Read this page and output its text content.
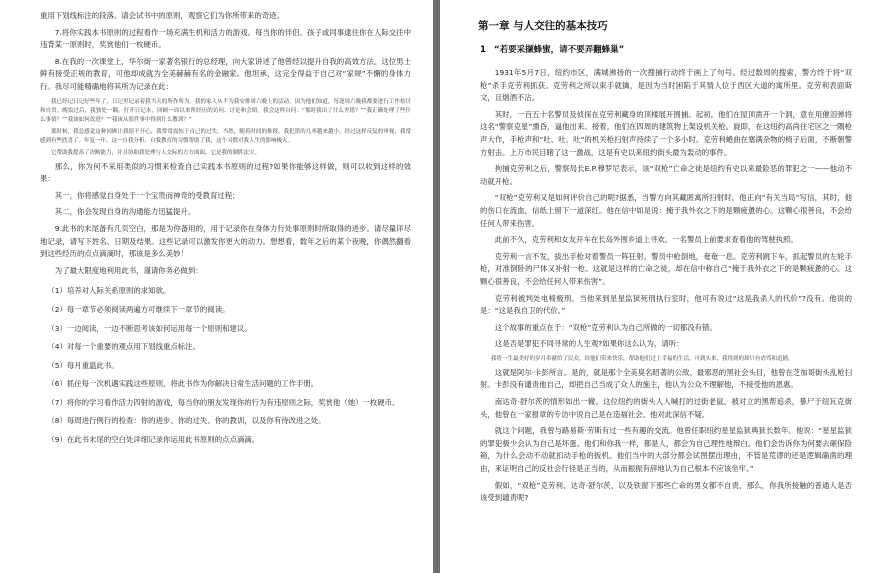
重用下划线标注的段落。请会试书中的原则，观察它们为你所带来的奇迹。

7.将你实践本书原则的过程看作一场充满生机和活力的游戏。每当你的伴侣、孩子或同事逮住你在人际交往中违背某一原则时，奖赏他们一枚硬币。

8.在我的一次课堂上，华尔街一家著名银行的总经理，向大家讲述了他曾经以提升自我的高效方法。这位男士鲜有接受正规的教育，可他却成就为全美赫赫有名的金融家。他坦承，这完全得益于自己对“家规”不懈的身体力行。我尽可能精确地将其所为记录在此：

我已经记日记好些年了，日记里记录着我当天的所作所为。我的家人从不为我安排周六晚上的活动，因为他们知道，每逢周六晚我都要进行工作检讨和自省。晚饭过后，我独处一隅，打开日记本，回顾一周以来所经历的访问、讨论和会晤。我会这样自问：“那时我出了什么差错？”“我正确处理了些什么事情？”“我该如何改进？”“我该从那件事中得到什么教训？”

那时候，我总感觉这种回顾让我很不开心，我常常震惊于自己的过失。当然，随着时间的推移，我犯错的几率越来越小，经过这样反复的审视，我常感到有些欣喜了。年复一年，这一自我分析、自我教育的习惯帮助了我，这个习惯对我人生的影响极大。

它帮助我提高了决断能力，并且协助我处理与人交际的方方面面，它是我的制胜法宝。

那么，你为何不采用类似的习惯来检查自己实践本书原则的过程?如果你能够这样做，则可以收到这样的效果：

其一，你将感觉自身处于一个宝贵而神奇的受教育过程；

其二，你会发现自身的沟通能力迅猛提升。

9.此书的末尾备有几页空白，那是为你备用的，用于记录你在身体力行处事原则时所取得的进步。请尽量详尽地记录，请写下姓名、日期及结果。这些记录可以激发你更大的动力。想想看，数年之后的某个夜晚，你偶然翻看到这些经历的点点滴滴时，那该是多么美妙！

为了最大限度地利用此书，谨请你务必做到：

（1）培养对人际关系原则的求知欲。

（2）每一章节必须阅读两遍方可继续下一章节的阅读。

（3）一边阅读，一边不断思考该如何运用每一个原则和建议。

（4）对每一个重要的观点用下划线重点标注。

（5）每月重温此书。

（6）抓住每一次机遇实践这些原则，将此书作为你解决日常生活问题的工作手册。

（7）将你的学习看作活力四射的游戏，每当你的朋友发现你的行为有违原则之际，奖赏他（她）一枚硬币。

（8）每周进行例行的检查：你的进步、你的过失、你的教训，以及你有待改进之处。

（9）在此书末尾的空白处详细记录你运用此书原则的点点滴滴。

第一章 与人交往的基本技巧
1 “若要采撷蜂蜜，请不要弄翻蜂巢”

1931年5月7日，纽约市区，满城沸扬的一次搜捕行动终于画上了句号。经过数周的搜索，警方终于将“双枪”杀手克劳利抓获。克劳利之所以束手就擒，是因为当时困陷于其情人位于西区大道的寓所里。克劳利表面斯文，且烟酒不沾。

其时，一百五十名警员及侦探在克劳利藏身的顶楼展开围捕。起初，他们在屋顶凿开一个洞，意在用催泪弹将这名“警察克星”熏昏，逼他出来。接着，他们在四周的建筑物上架设机关枪。旋即，在这纽约高尚住宅区之一隅枪声大作，手枪声和“吐、吐、吐”的机关枪扫射声持续了一个多小时。克劳利蜷曲在塞满杂物的椅子后面，不断朝警方射击。上万市民目睹了这一激战，这是有史以来纽约街头最为轰动的事件。

拘捕克劳利之后，警察局长E.P.穆罗尼表示，该“双枪”亡命之徒是纽约有史以来最险恶的罪犯之一——他动不动就开枪。

“双枪”克劳利又是如何评价自己的呢?据悉，当警方向其藏匿寓所扫射时，他正向“有关当局”写信，其时，他的伤口在流血，信纸上留下一道深红。他在信中如是说：掩于我外衣之下的是颗疲惫的心。这颗心很善良，不会给任何人带来伤害。

此前不久，克劳利和女友开车在长岛外围乡道上寻欢。一名警员上前要求查看他的驾驶执照。

克劳利一言不发，拔出手枪对着警员一阵狂射。警员中枪倒地，奄奄一息。克劳利跳下车，抓起警员的左轮手枪，对准倒卧的尸体又补射一枪。这就是这样的亡命之徒，却在信中称自己“掩于我外衣之下的是颗疲惫的心。这颗心很善良，不会给任何人带来伤害”。

克劳利被判处电椅极刑。当他来到星星监狱死刑执行室时，他可有说过“这是我杀人的代价”?没有。他说的是：“这是我自卫的代价。”

这个故事的重点在于：“双枪”克劳利认为自己所做的一切都没有错。

这是否是罪犯不同寻常的人生观?如果你这么认为，请听：

我将一生最美好的岁月奉献给了民众，给他们带来快乐，帮助他们过上幸福的生活，可到头来，我得到的却只有虐骂和追捕。

这就是阿尔·卡彭所言。是的，就是那个全美臭名昭著的公敌、最邪恶的黑社会头目，他曾在芝加哥街头乱枪扫射。卡彭没有谴责他自己，却把自己当成了众人的施主，他认为公众不理解他，不接受他的恩惠。

南达奇·舒尔茨的情形如出一辙。这位纽约的街头人人喊打的过街老鼠，被对立的黑帮追杀，暴尸于纽瓦克街头，他曾在一家报章的专访中说自己是在造福社会。他对此深信不疑。

就这个问题，我曾与路易斯·劳斯有过一些有趣的交流。他曾任职纽约星星监狱典狱长数年。他说：“星星监狱的罪犯极少会认为自己是坏蛋。他们和你我一样，都是人，都会为自己理性地辩白。他们会告诉你为何要去砸保险箱，为什么会动不动就扣动手枪的扳机。他们当中的大部分都会试图摆出理由，不管是荒谬的还是逻辑确凿的理由，来证明自己的反社会行径是正当的，从而振振有辞地认为自己根本不应该坐牢。”

假如，“双枪”克劳利、达奇·舒尔茨，以及铁窗下那些亡命的男女都不自责，那么，你我所接触的普通人是否该受到谴责呢?
